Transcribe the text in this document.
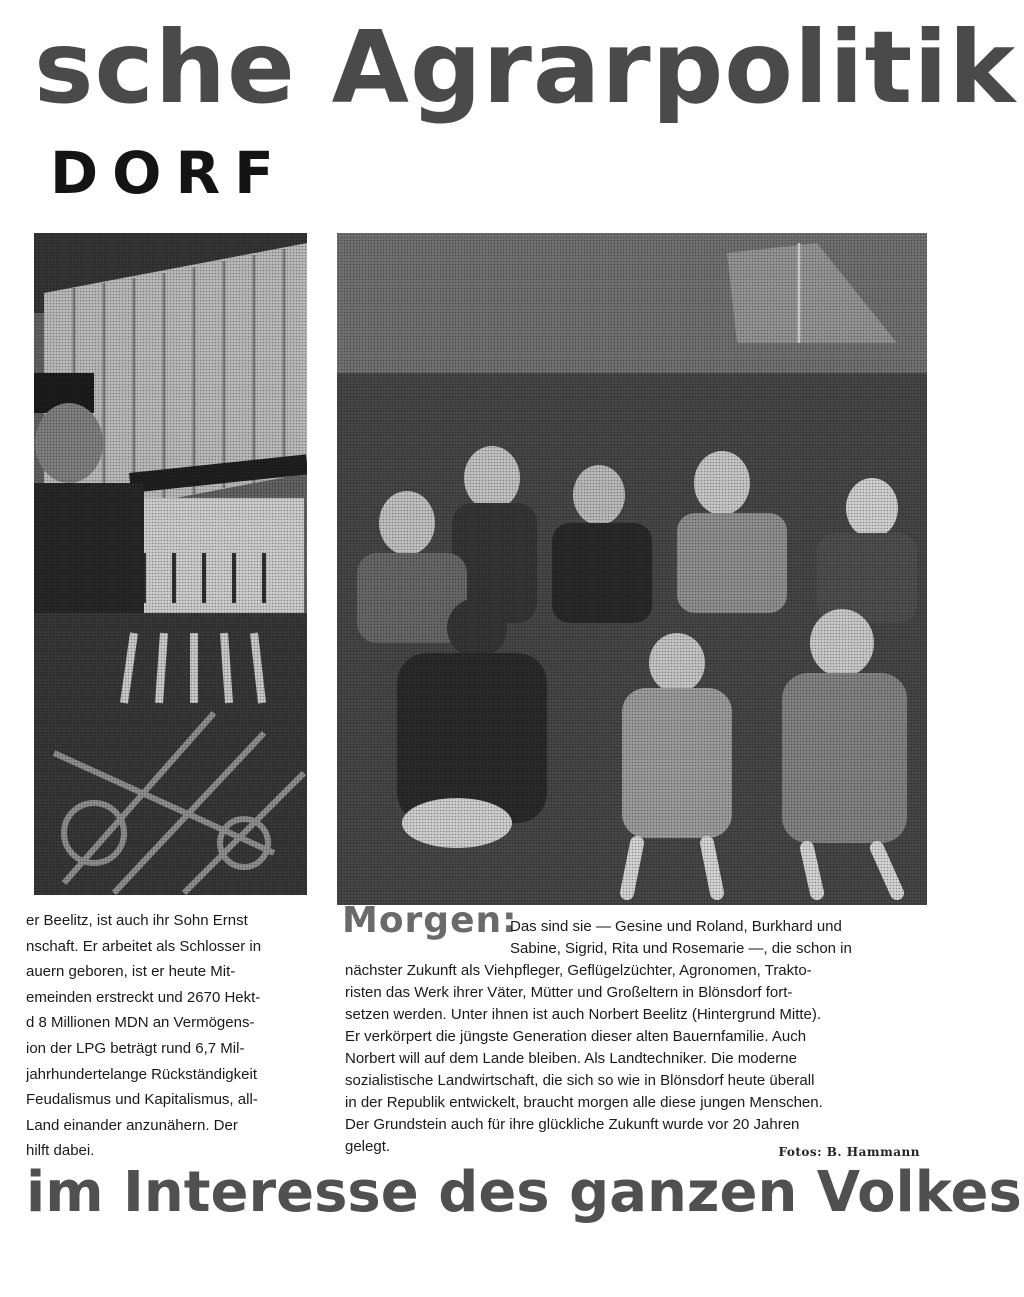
sche Agrarpolitik
DORF
er Beelitz, ist auch ihr Sohn Ernst
nschaft. Er arbeitet als Schlosser in
auern geboren, ist er heute Mit-
emeinden erstreckt und 2670 Hekt-
d 8 Millionen MDN an Vermögens-
ion der LPG beträgt rund 6,7 Mil-
jahrhundertelange Rückständigkeit
Feudalismus und Kapitalismus, all-
Land einander anzunähern. Der
hilft dabei.
Morgen:
Das sind sie — Gesine und Roland, Burkhard und
Sabine, Sigrid, Rita und Rosemarie —, die schon in
nächster Zukunft als Viehpfleger, Geflügelzüchter, Agronomen, Trakto-
risten das Werk ihrer Väter, Mütter und Großeltern in Blönsdorf fort-
setzen werden. Unter ihnen ist auch Norbert Beelitz (Hintergrund Mitte).
Er verkörpert die jüngste Generation dieser alten Bauernfamilie. Auch
Norbert will auf dem Lande bleiben. Als Landtechniker. Die moderne
sozialistische Landwirtschaft, die sich so wie in Blönsdorf heute überall
in der Republik entwickelt, braucht morgen alle diese jungen Menschen.
Der Grundstein auch für ihre glückliche Zukunft wurde vor 20 Jahren
gelegt.	Fotos: B. Hammann
im Interesse des ganzen Volkes
